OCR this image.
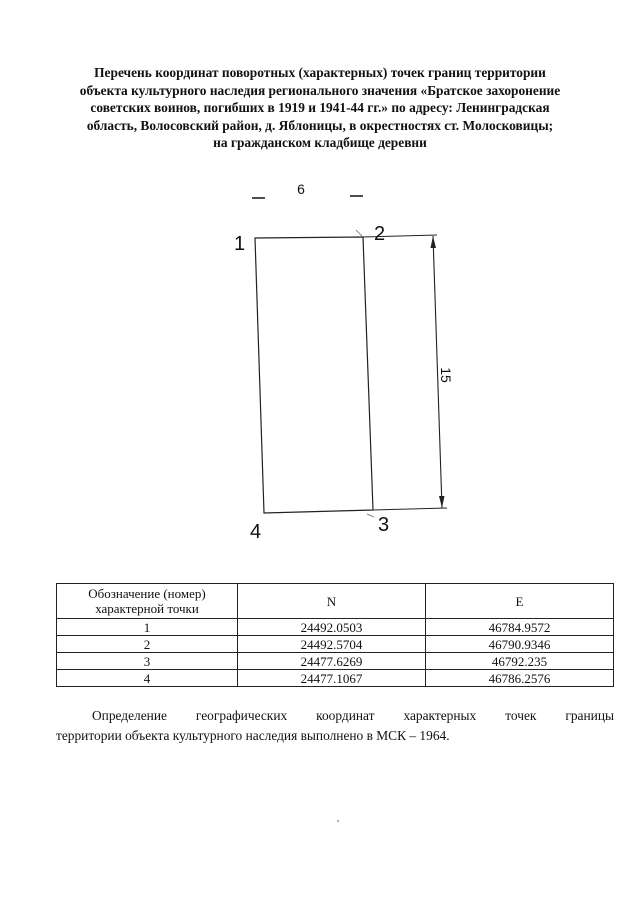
Перечень координат поворотных (характерных) точек границ территории
объекта культурного наследия регионального значения «Братское захоронение
советских воинов, погибших в 1919 и 1941-44 гг.» по адресу: Ленинградская
область, Волосовский район, д. Яблоницы, в окрестностях ст. Молосковицы;
на гражданском кладбище деревни
6
15
1	2
3
4
Обозначение (номер) характерной точки	N	E
1	24492.0503	46784.9572
2	24492.5704	46790.9346
3	24477.6269	46792.235
4	24477.1067	46786.2576
Определение географических координат характерных точек границы
территории объекта культурного наследия выполнено в МСК – 1964.
